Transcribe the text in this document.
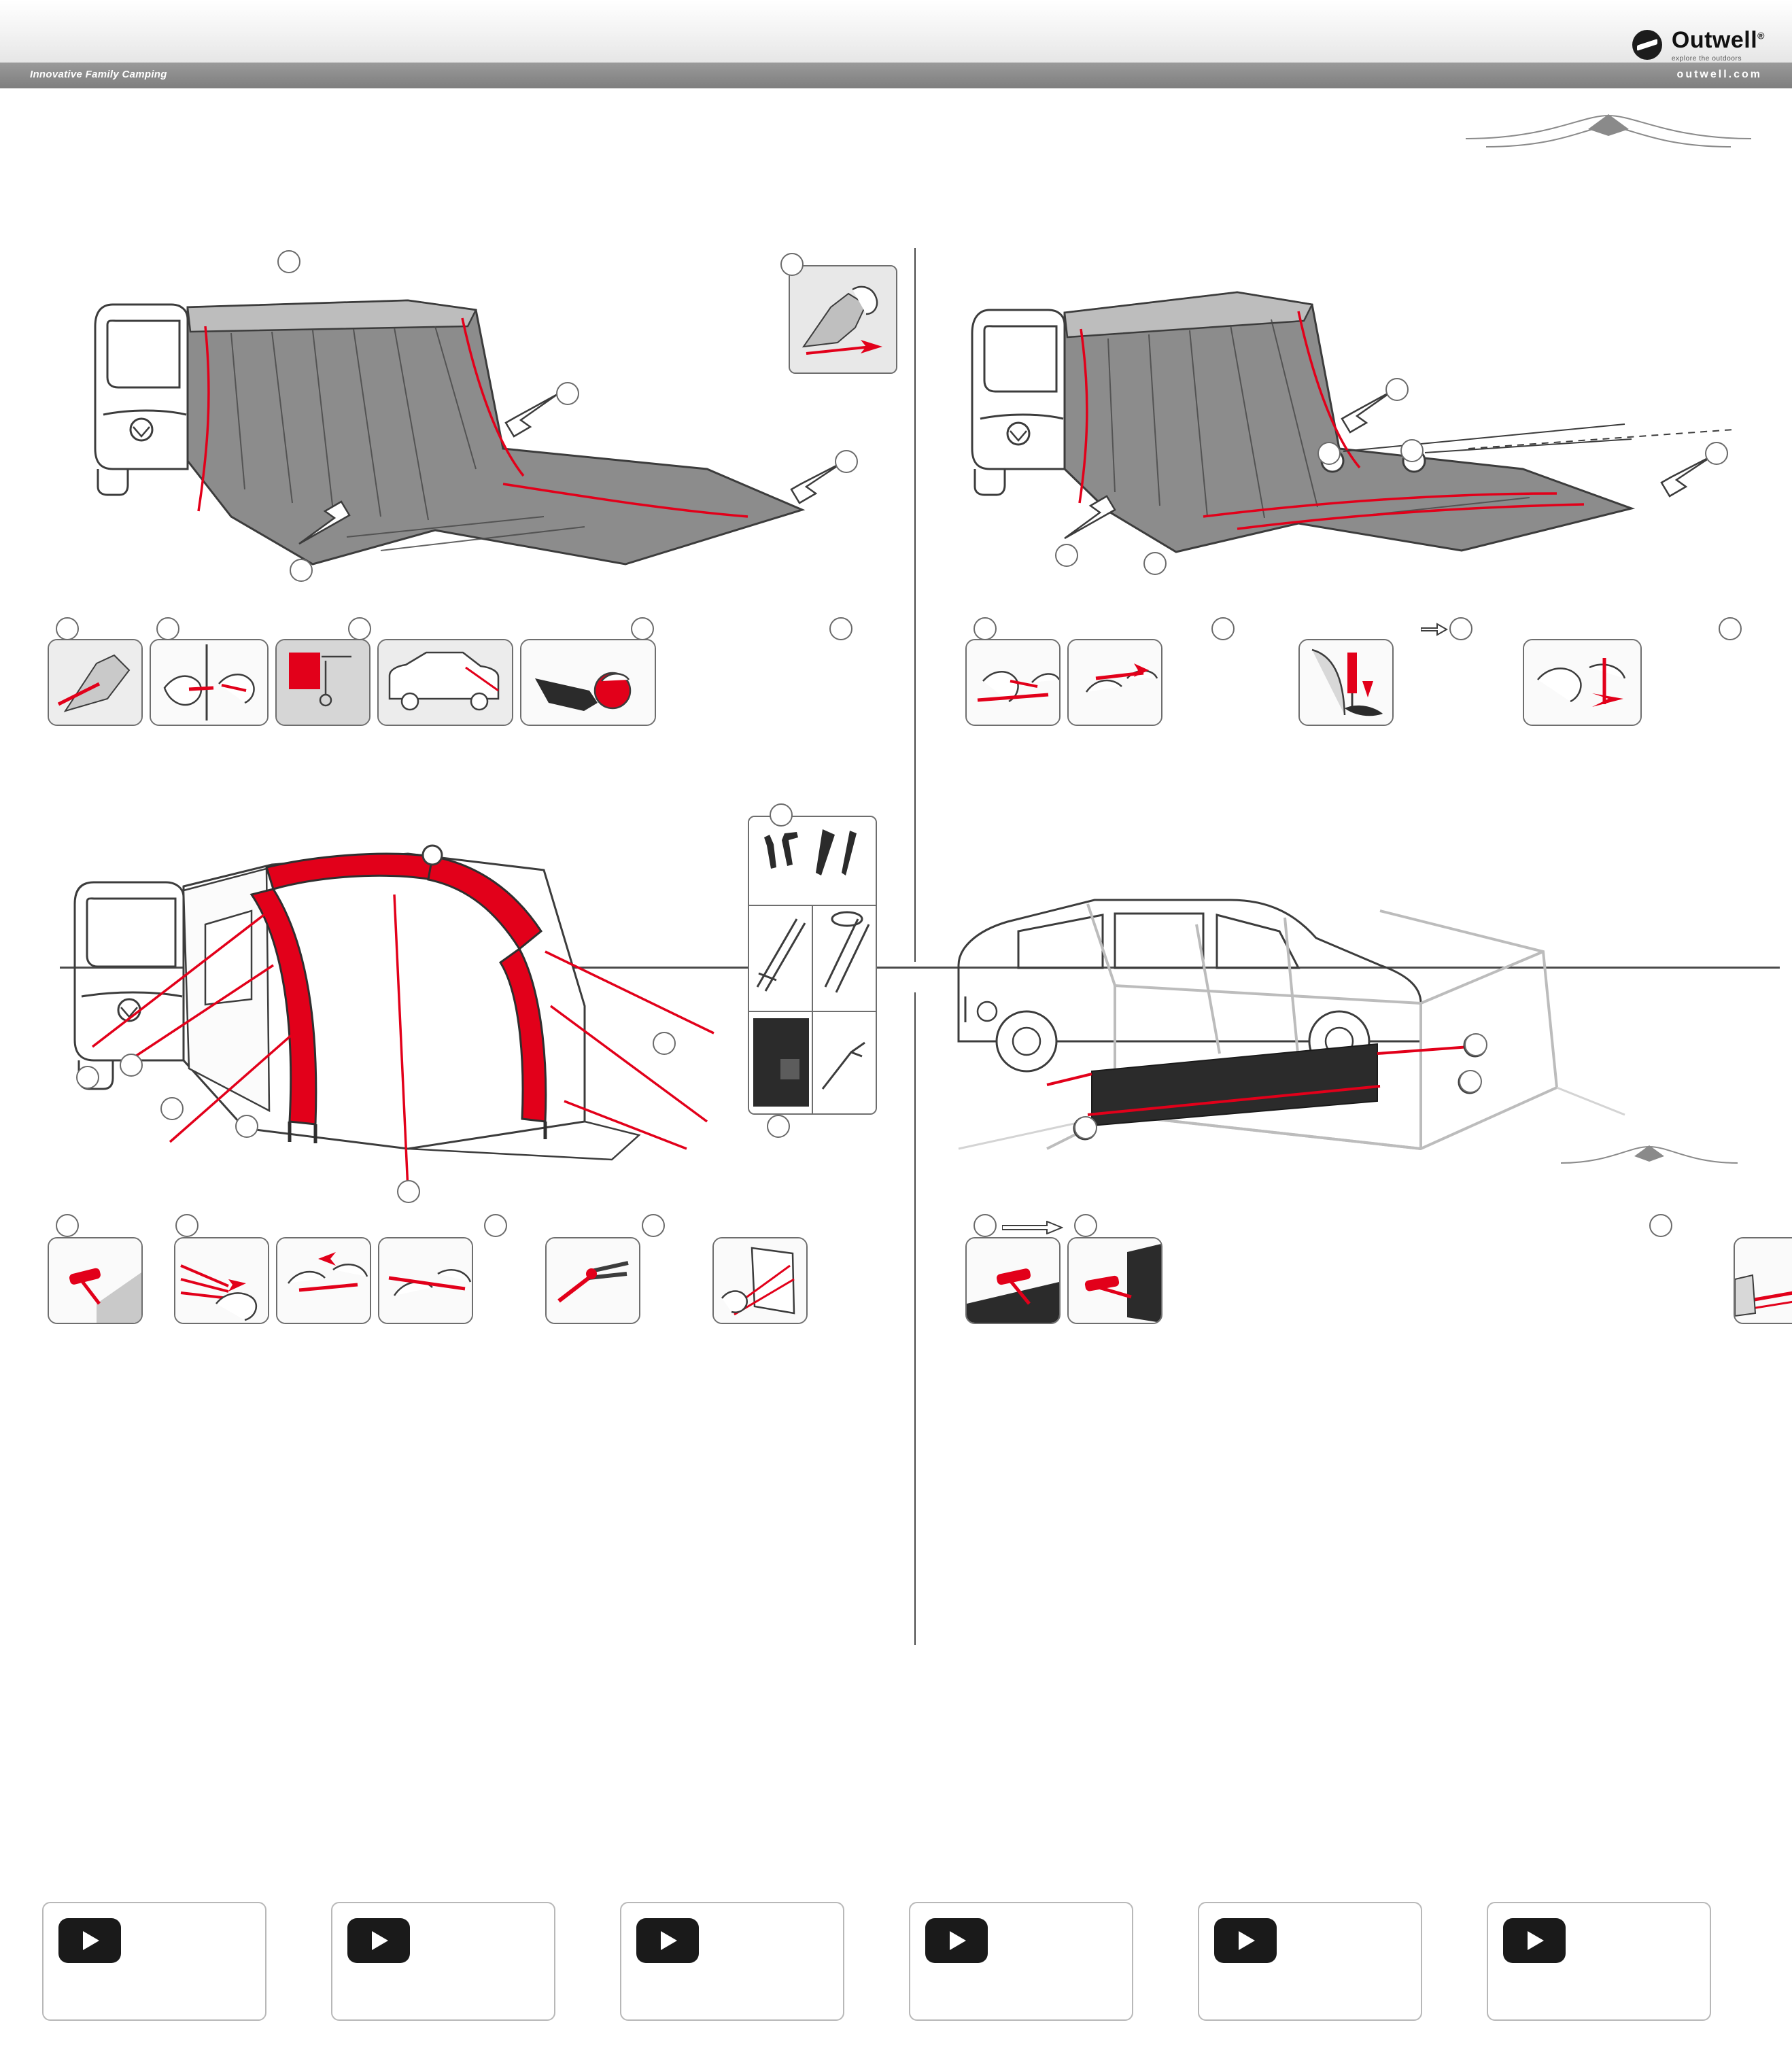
Outwell®
explore the outdoors
Innovative Family Camping	outwell.com
